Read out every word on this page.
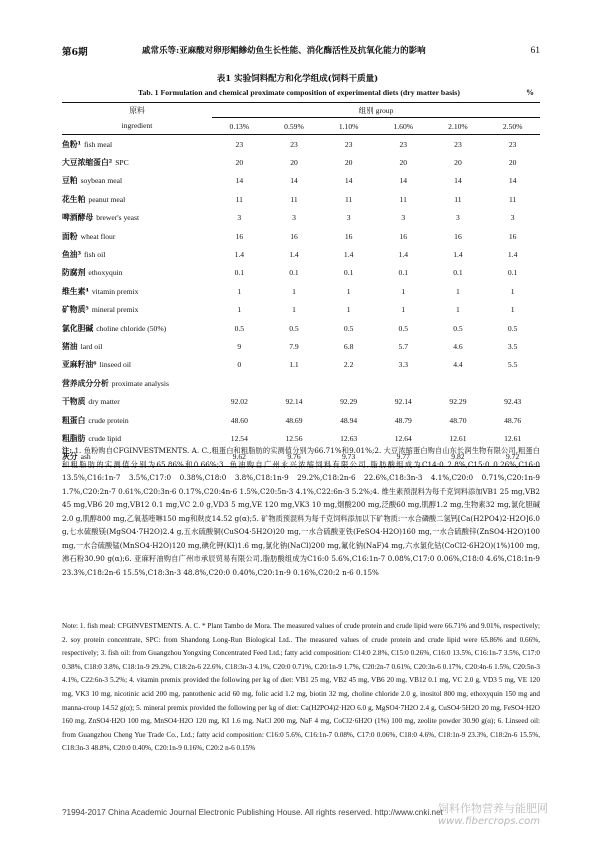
第6期	戚常乐等:亚麻酸对卵形鲳鲹幼鱼生长性能、消化酶活性及抗氧化能力的影响	61
表1 实验饲料配方和化学组成(饲料干质量)
Tab. 1 Formulation and chemical proximate composition of experimental diets (dry matter basis)	%
原料	组别 group					
ingredient	0.13%	0.59%	1.10%	1.60%	2.10%	2.50%
鱼粉¹ fish meal	23	23	23	23	23	23
大豆浓缩蛋白² SPC	20	20	20	20	20	20
豆粕 soybean meal	14	14	14	14	14	14
花生粕 peanut meal	11	11	11	11	11	11
啤酒酵母 brewer's yeast	3	3	3	3	3	3
面粉 wheat flour	16	16	16	16	16	16
鱼油³ fish oil	1.4	1.4	1.4	1.4	1.4	1.4
防腐剂 ethoxyquin	0.1	0.1	0.1	0.1	0.1	0.1
维生素⁴ vitamin premix	1	1	1	1	1	1
矿物质⁵ mineral premix	1	1	1	1	1	1
氯化胆碱 choline chloride (50%)	0.5	0.5	0.5	0.5	0.5	0.5
猪油 lard oil	9	7.9	6.8	5.7	4.6	3.5
亚麻籽油⁶ linseed oil	0	1.1	2.2	3.3	4.4	5.5
营养成分分析 proximate analysis						
干物质 dry matter	92.02	92.14	92.29	92.14	92.29	92.43
粗蛋白 crude protein	48.60	48.69	48.94	48.79	48.70	48.76
粗脂肪 crude lipid	12.54	12.56	12.63	12.64	12.61	12.61
灰分 ash	9.62	9.76	9.73	9.77	9.82	9.72
注: 1. 鱼粉购自CFGINVESTMENTS. A. C.,粗蛋白和粗脂肪的实测值分别为66.71%和9.01%;2. 大豆浓缩蛋白购自山东长润生物有限公司,粗蛋白和粗脂肪的实测值分别为65.86%和0.66%;3. 鱼油购自广州永兴浓缩饲料有限公司,脂肪酸组成为C14:0 2.8%,C15:0 0.26%,C16:0 13.5%,C16:1n-7 3.5%,C17:0 0.38%,C18:0 3.8%,C18:1n-9 29.2%,C18:2n-6 22.6%,C18:3n-3 4.1%,C20:0 0.71%,C20:1n-9 1.7%,C20:2n-7 0.61%,C20:3n-6 0.17%,C20:4n-6 1.5%,C20:5n-3 4.1%,C22:6n-3 5.2%;4. 维生素预混料为每千克饲料添加VB1 25 mg,VB2 45 mg,VB6 20 mg,VB12 0.1 mg,VC 2.0 g,VD3 5 mg,VE 120 mg,VK3 10 mg,烟酸200 mg,泛酸60 mg,肌醇1.2 mg,生物素32 mg,氯化胆碱2.0 g,肌醇800 mg,乙氧基喹啉150 mg和麸皮14.52 g(α);5. 矿物质预混料为每千克饲料添加以下矿物质:一水合磷酸二氢钙[Ca(H2PO4)2·H2O]6.0 g,七水硫酸镁(MgSO4·7H2O)2.4 g,五水硫酸铜(CuSO4·5H2O)20 mg,一水合硫酸亚铁(FeSO4·H2O)160 mg,一水合硫酸锌(ZnSO4·H2O)100 mg,一水合硫酸锰(MnSO4·H2O)120 mg,碘化钾(KI)1.6 mg,氯化钠(NaCl)200 mg,氟化钠(NaF)4 mg,六水氯化钴(CoCl2·6H2O)(1%)100 mg,沸石粉30.90 g(α);6. 亚麻籽油购自广州市承辰贸易有限公司,脂肪酸组成为C16:0 5.6%,C16:1n-7 0.08%,C17:0 0.06%,C18:0 4.6%,C18:1n-9 23.3%,C18:2n-6 15.5%,C18:3n-3 48.8%,C20:0 0.40%,C20:1n-9 0.16%,C20:2 n-6 0.15%
Note: 1. fish meal: CFGINVESTMENTS. A. C. * Plant Tambo de Mora. The measured values of crude protein and crude lipid were 66.71% and 9.01%, respectively; 2. soy protein concentrate, SPC: from Shandong Long-Run Biological Ltd.. The measured values of crude protein and crude lipid were 65.86% and 0.66%, respectively; 3. fish oil: from Guangzhou Yongxing Concentrated Feed Ltd.; fatty acid composition: C14:0 2.8%, C15:0 0.26%, C16:0 13.5%, C16:1n-7 3.5%, C17:0 0.38%, C18:0 3.8%, C18:1n-9 29.2%, C18:2n-6 22.6%, C18:3n-3 4.1%, C20:0 0.71%, C20:1n-9 1.7%, C20:2n-7 0.61%, C20:3n-6 0.17%, C20:4n-6 1.5%, C20:5n-3 4.1%, C22:6n-3 5.2%; 4. vitamin premix provided the following per kg of diet: VB1 25 mg, VB2 45 mg, VB6 20 mg, VB12 0.1 mg, VC 2.0 g, VD3 5 mg, VE 120 mg, VK3 10 mg, nicotinic acid 200 mg, pantothenic acid 60 mg, folic acid 1.2 mg, biotin 32 mg, choline chloride 2.0 g, inositol 800 mg, ethoxyquin 150 mg and manna-croup 14.52 g(α); 5. mineral premix provided the following per kg of diet: Ca(H2PO4)2·H2O 6.0 g, MgSO4·7H2O 2.4 g, CuSO4·5H2O 20 mg, FeSO4·H2O 160 mg, ZnSO4·H2O 100 mg, MnSO4·H2O 120 mg, KI 1.6 mg, NaCl 200 mg, NaF 4 mg, CoCl2·6H2O (1%) 100 mg, zeolite powder 30.90 g(α); 6. Linseed oil: from Guangzhou Cheng Yue Trade Co., Ltd.; fatty acid composition: C16:0 5.6%, C16:1n-7 0.08%, C17:0 0.06%, C18:0 4.6%, C18:1n-9 23.3%, C18:2n-6 15.5%, C18:3n-3 48.8%, C20:0 0.40%, C20:1n-9 0.16%, C20:2 n-6 0.15%
?1994-2017 China Academic Journal Electronic Publishing House. All rights reserved. http://www.cnki.net
饲料作物营养与能肥网
www.fibercrops.com
